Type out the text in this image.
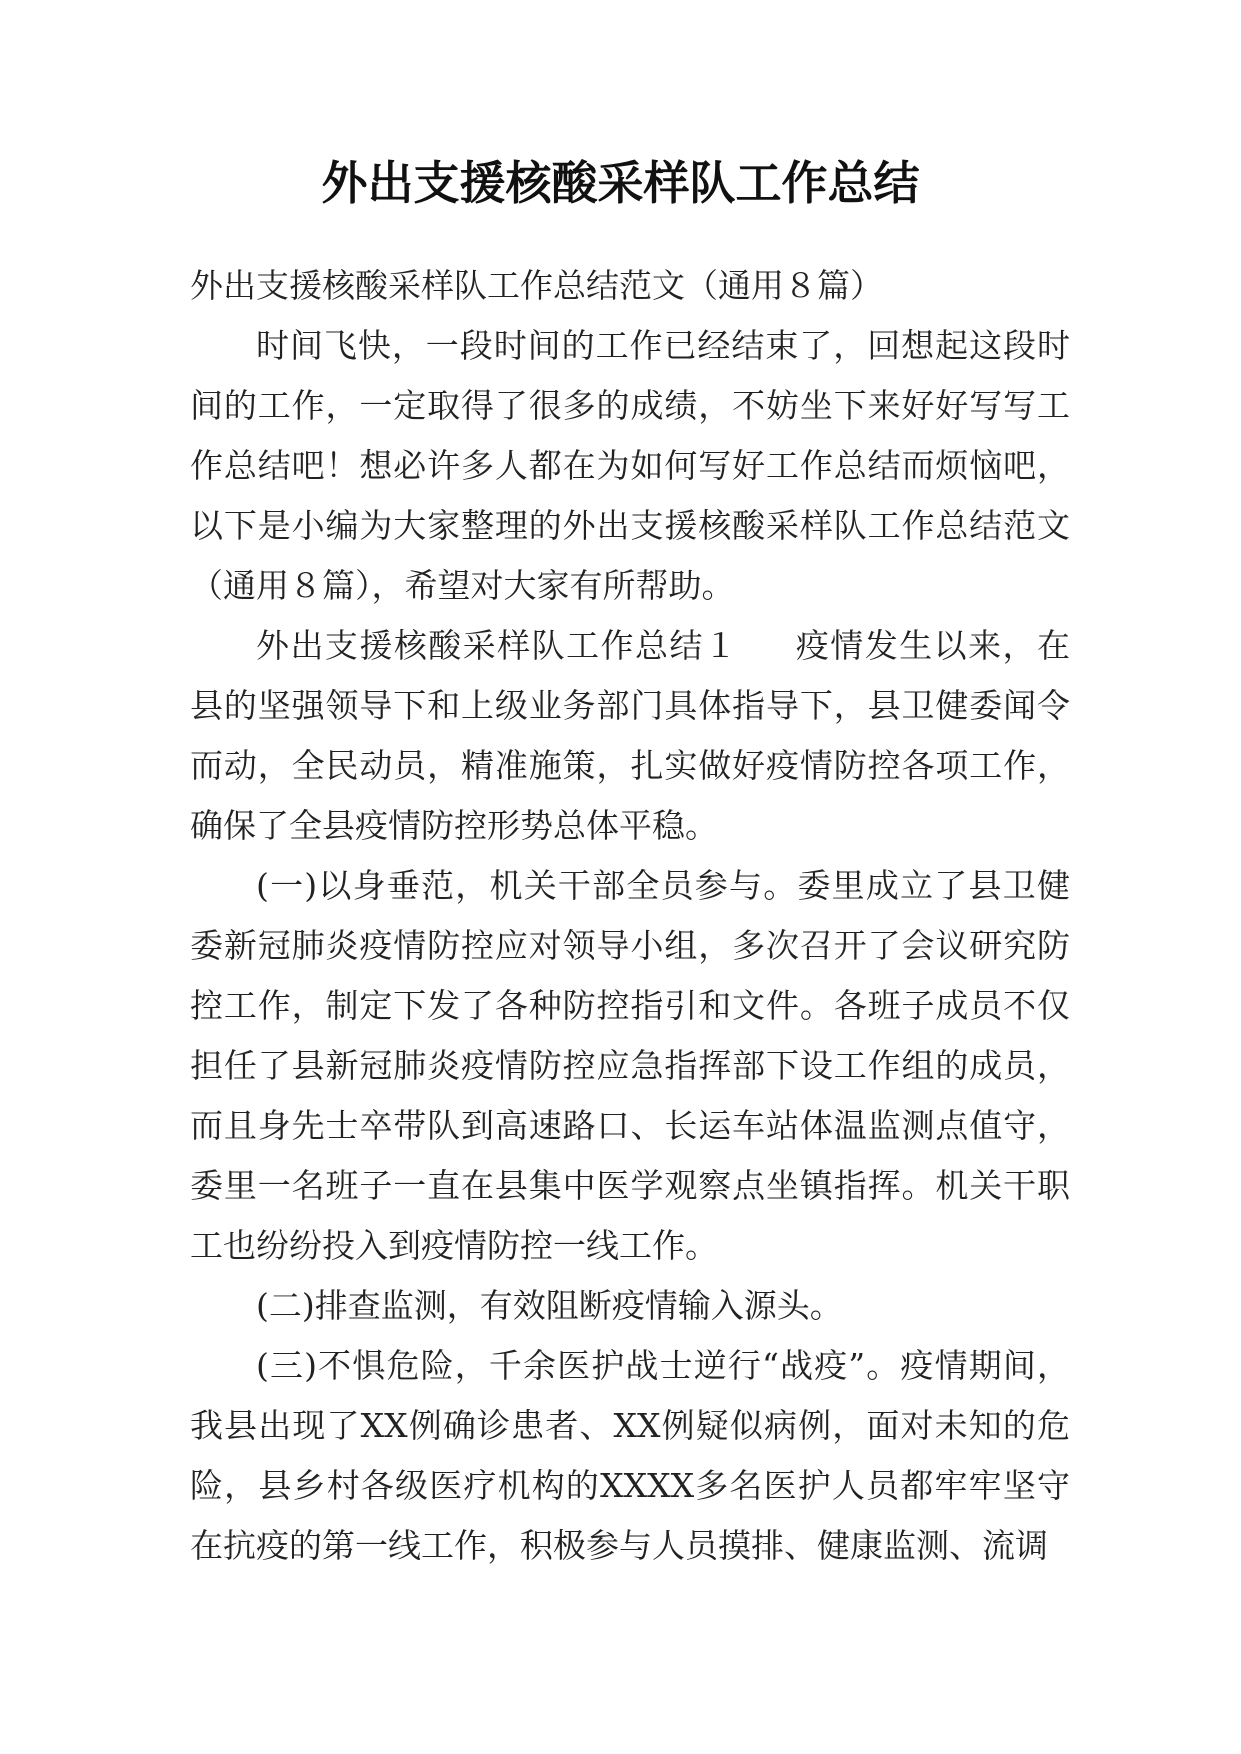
外出支援核酸采样队工作总结

外出支援核酸采样队工作总结范文（通用８篇）

时间飞快，一段时间的工作已经结束了，回想起这段时间的工作，一定取得了很多的成绩，不妨坐下来好好写写工作总结吧！想必许多人都在为如何写好工作总结而烦恼吧，以下是小编为大家整理的外出支援核酸采样队工作总结范文（通用８篇），希望对大家有所帮助。

外出支援核酸采样队工作总结１ 疫情发生以来，在县的坚强领导下和上级业务部门具体指导下，县卫健委闻令而动，全民动员，精准施策，扎实做好疫情防控各项工作，确保了全县疫情防控形势总体平稳。

(一)以身垂范，机关干部全员参与。委里成立了县卫健委新冠肺炎疫情防控应对领导小组，多次召开了会议研究防控工作，制定下发了各种防控指引和文件。各班子成员不仅担任了县新冠肺炎疫情防控应急指挥部下设工作组的成员，而且身先士卒带队到高速路口、长运车站体温监测点值守，委里一名班子一直在县集中医学观察点坐镇指挥。机关干职工也纷纷投入到疫情防控一线工作。

(二)排查监测，有效阻断疫情输入源头。

(三)不惧危险，千余医护战士逆行“战疫”。疫情期间，我县出现了XX例确诊患者、XX例疑似病例，面对未知的危险，县乡村各级医疗机构的XXXX多名医护人员都牢牢坚守在抗疫的第一线工作，积极参与人员摸排、健康监测、流调
